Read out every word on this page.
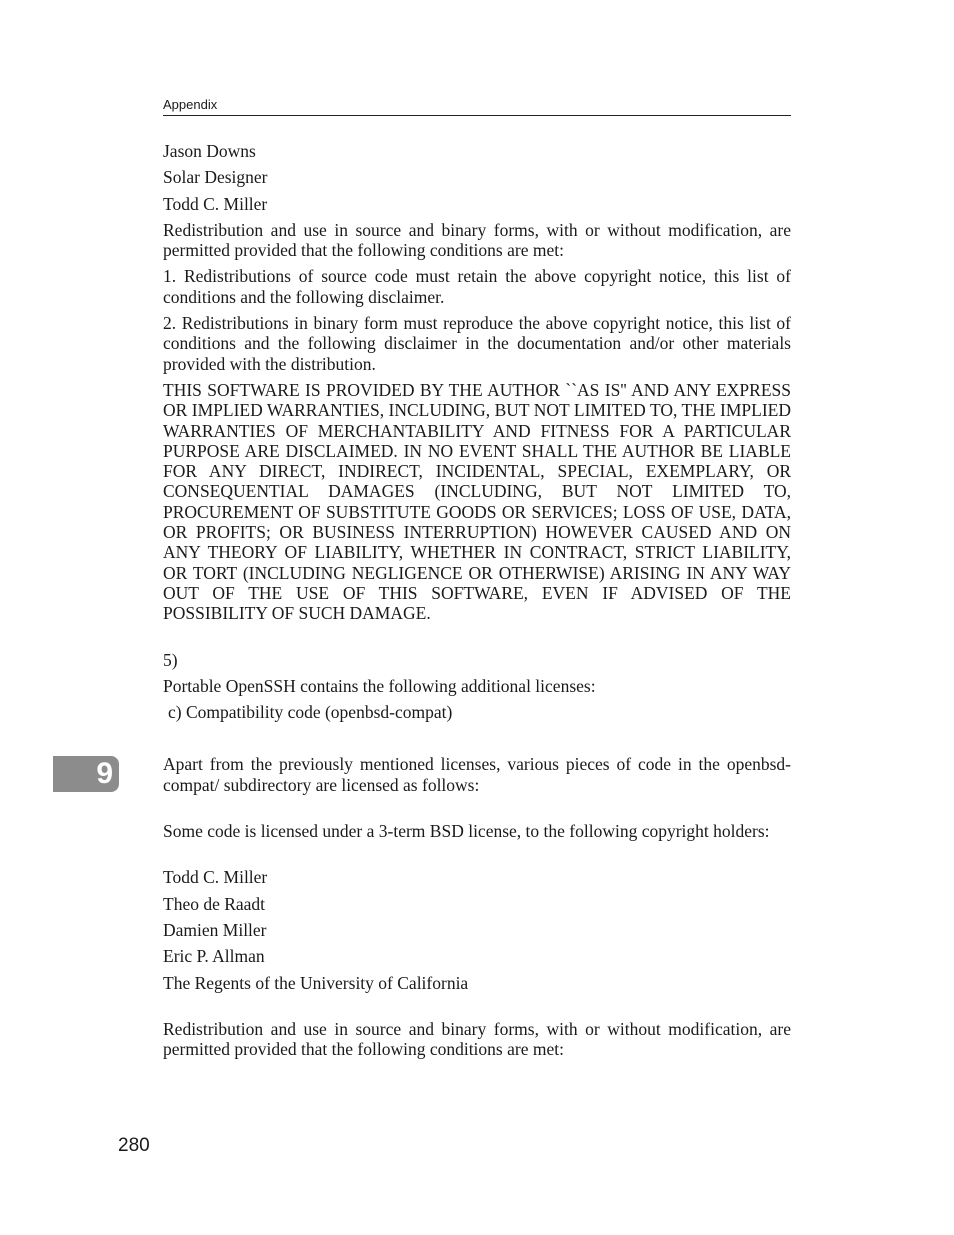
Appendix
9
Jason Downs
Solar Designer
Todd C. Miller

Redistribution and use in source and binary forms, with or without modification, are permitted provided that the following conditions are met:

1. Redistributions of source code must retain the above copyright notice, this list of conditions and the following disclaimer.

2. Redistributions in binary form must reproduce the above copyright notice, this list of conditions and the following disclaimer in the documentation and/or other materials provided with the distribution.

THIS SOFTWARE IS PROVIDED BY THE AUTHOR ``AS IS'' AND ANY EXPRESS OR IMPLIED WARRANTIES, INCLUDING, BUT NOT LIMITED TO, THE IMPLIED WARRANTIES OF MERCHANTABILITY AND FITNESS FOR A PARTICULAR PURPOSE ARE DISCLAIMED. IN NO EVENT SHALL THE AUTHOR BE LIABLE FOR ANY DIRECT, INDIRECT, INCIDENTAL, SPECIAL, EXEMPLARY, OR CONSEQUENTIAL DAMAGES (INCLUDING, BUT NOT LIMITED TO, PROCUREMENT OF SUBSTITUTE GOODS OR SERVICES; LOSS OF USE, DATA, OR PROFITS; OR BUSINESS INTERRUPTION) HOWEVER CAUSED AND ON ANY THEORY OF LIABILITY, WHETHER IN CONTRACT, STRICT LIABILITY, OR TORT (INCLUDING NEGLIGENCE OR OTHERWISE) ARISING IN ANY WAY OUT OF THE USE OF THIS SOFTWARE, EVEN IF ADVISED OF THE POSSIBILITY OF SUCH DAMAGE.

5)
Portable OpenSSH contains the following additional licenses:
c) Compatibility code (openbsd-compat)

Apart from the previously mentioned licenses, various pieces of code in the openbsd-compat/ subdirectory are licensed as follows:

Some code is licensed under a 3-term BSD license, to the following copyright holders:

Todd C. Miller
Theo de Raadt
Damien Miller
Eric P. Allman
The Regents of the University of California

Redistribution and use in source and binary forms, with or without modification, are permitted provided that the following conditions are met:

280
